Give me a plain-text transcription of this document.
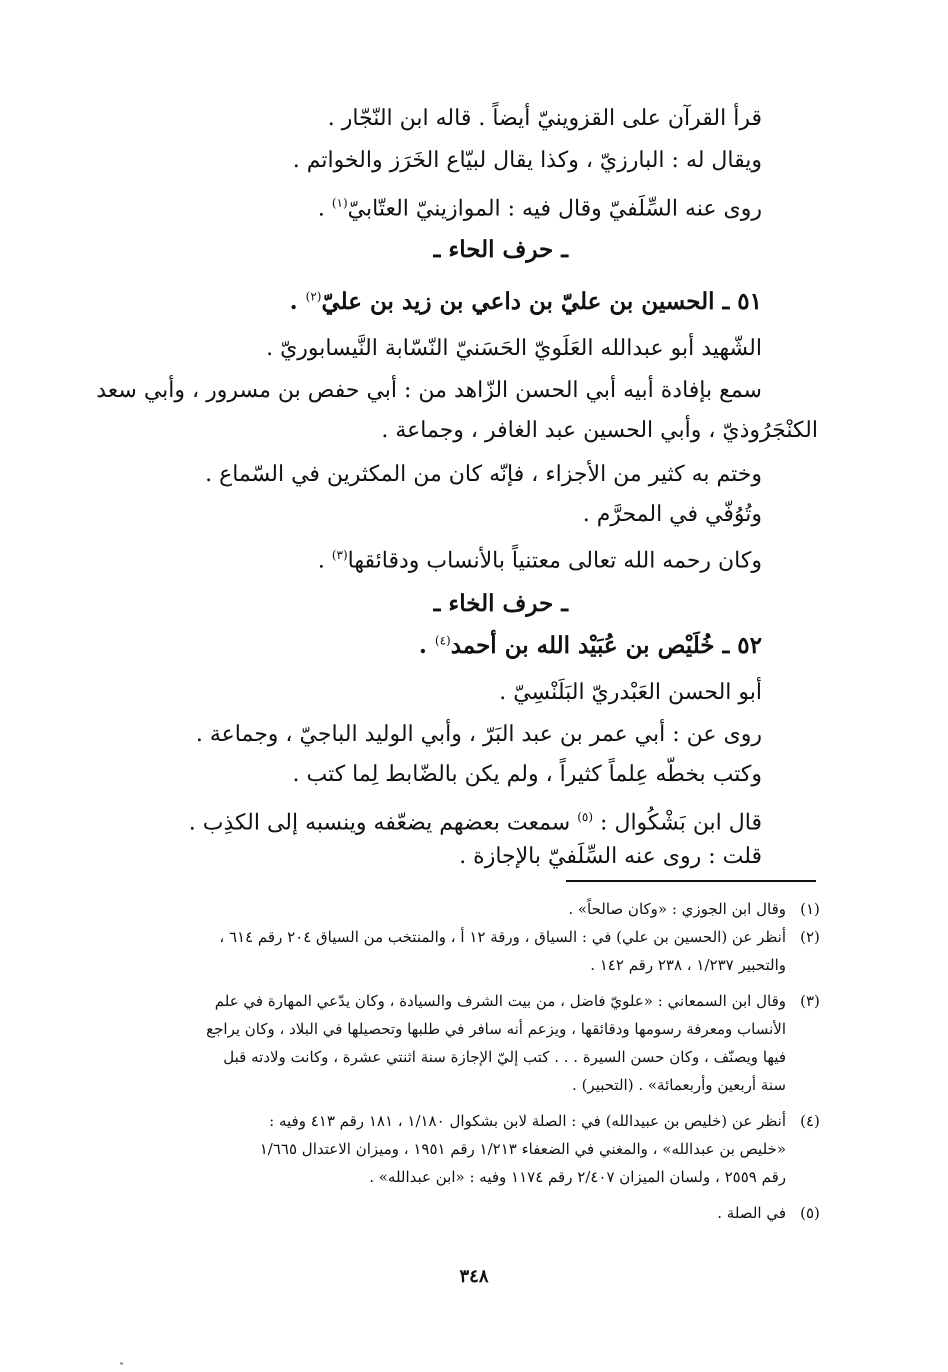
قرأ القرآن على القزوينيّ أيضاً . قاله ابن النّجّار .
ويقال له : البارزيّ ، وكذا يقال لبيّاع الخَرَز والخواتم .
روى عنه السِّلَفيّ وقال فيه : الموازينيّ العتّابيّ$^{(١)}$ .
ـ حرف الحاء ـ
٥١ ـ الحسين بن عليّ بن داعي بن زيد بن عليّ$^{(٢)}$ .
الشّهيد أبو عبدالله العَلَويّ الحَسَنيّ النّسّابة النَّيسابوريّ .
سمع بإفادة أبيه أبي الحسن الزّاهد من : أبي حفص بن مسرور ، وأبي سعد
الكنْجَرُوذيّ ، وأبي الحسين عبد الغافر ، وجماعة .
وختم به كثير من الأجزاء ، فإنّه كان من المكثرين في السّماع .
وتُوُفّي في المحرَّم .
وكان رحمه الله تعالى معتنياً بالأنساب ودقائقها$^{(٣)}$ .
ـ حرف الخاء ـ
٥٢ ـ خُلَيْص بن عُبَيْد الله بن أحمد$^{(٤)}$ .
أبو الحسن العَبْدريّ البَلَنْسِيّ .
روى عن : أبي عمر بن عبد البَرّ ، وأبي الوليد الباجيّ ، وجماعة .
وكتب بخطّه عِلماً كثيراً ، ولم يكن بالضّابط لِما كتب .
قال ابن بَشْكُوال : $^{(٥)}$ سمعت بعضهم يضعّفه وينسبه إلى الكذِب .
قلت : روى عنه السِّلَفيّ بالإجازة .
(١)
وقال ابن الجوزي : «وكان صالحاً» .
(٢)
أنظر عن (الحسين بن علي) في : السياق ، ورقة ١٢ أ ، والمنتخب من السياق ٢٠٤ رقم ٦١٤ ،
والتحبير ١/٢٣٧ ، ٢٣٨ رقم ١٤٢ .
(٣)
وقال ابن السمعاني : «علويّ فاضل ، من بيت الشرف والسيادة ، وكان يدّعي المهارة في علم
الأنساب ومعرفة رسومها ودقائقها ، ويزعم أنه سافر في طلبها وتحصيلها في البلاد ، وكان يراجع
فيها ويصنّف ، وكان حسن السيرة . . . كتب إليّ الإجازة سنة اثنتي عشرة ، وكانت ولادته قبل
سنة أربعين وأربعمائة» . (التحبير) .
(٤)
أنظر عن (خليص بن عبيدالله) في : الصلة لابن بشكوال ١/١٨٠ ، ١٨١ رقم ٤١٣ وفيه :
«خليص بن عبدالله» ، والمغني في الضعفاء ١/٢١٣ رقم ١٩٥١ ، وميزان الاعتدال ١/٦٦٥
رقم ٢٥٥٩ ، ولسان الميزان ٢/٤٠٧ رقم ١١٧٤ وفيه : «ابن عبدالله» .
(٥)
في الصلة .
٣٤٨
